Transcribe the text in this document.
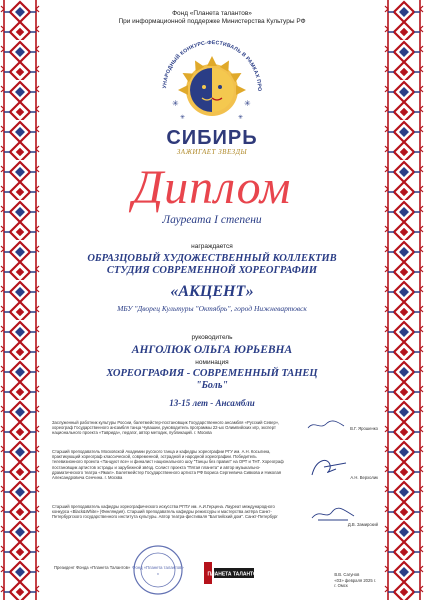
Фонд «Планета талантов»
При информационной поддержке Министерства Культуры РФ
УНАРОДНЫЙ КОНКУРС-ФЕСТИВАЛЬ В РАМКАХ ПРО
✳	✳
✳	✳
СИБИРЬ
ЗАЖИГАЕТ ЗВЕЗДЫ
Диплом
Лауреата I степени
награждается
ОБРАЗЦОВЫЙ ХУДОЖЕСТВЕННЫЙ КОЛЛЕКТИВ
СТУДИЯ СОВРЕМЕННОЙ ХОРЕОГРАФИИ
«АКЦЕНТ»
МБУ "Дворец Культуры "Октябрь", город Нижневартовск
руководитель
АНГОЛЮК ОЛЬГА ЮРЬЕВНА
номинация
ХОРЕОГРАФИЯ - СОВРЕМЕННЫЙ ТАНЕЦ
"Боль"
13-15 лет - Ансамбли
Заслуженный работник культуры России, балетмейстер-постановщик Государственного ансамбля «Русский Север», хореограф Государственного ансамбля танца Чувашии, руководитель программы 22-ых Олимпийских игр, эксперт национального проекта «Таврида», педагог, автор методик, публикаций. г. Москва
В.Г. Ярошенко
Старший преподаватель Московской Академии русского танца и кафедры хореографии РГУ им. А.Н. Косыгина, практикующий хореограф классической, современной, эстрадной и народной хореографии. Победитель телевизионного проекта «Танцуют все» и финалист национального шоу "Танцы без правил" на ОРТ и ТНТ. Хореограф постановщик артистов эстрады и зарубежной звёзд. Солист проекта "Пятая планета" и автор музыкально-драматического театра «Ямал». Балетмейстер Государственного артиста РФ Бориса Сергеевича Сивкова и Николая Александровича Сенчина. г. Москва	А.Н. Верхолик
Старший преподаватель кафедры хореографического искусства РГПУ им. А.И.Герцена. Лауреат международного конкурса «Black&White» (Финляндия). Старший преподаватель кафедры режиссуры и мастерства актёра Санкт-Петербургского государственного института культуры. Автор театра-фестиваля "Балтийский дом". Санкт-Петербург
Д.В. Замирский
Президент Фонда «Планета Талантов» Фонд «Планета талантов»
★	ПЛАНЕТА ТАЛАНТОВ	В.В. Сагунов
«03» февраля 2025 г.
г. Омск
